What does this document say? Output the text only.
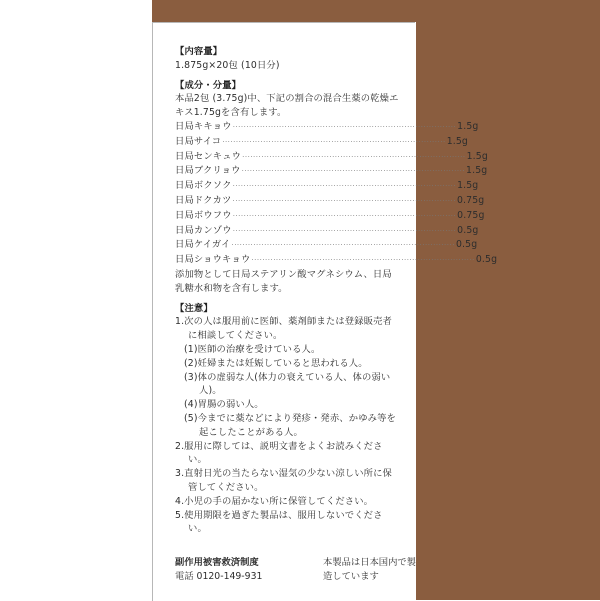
【内容量】
1.875g×20包 (10日分)
【成分・分量】
本品2包 (3.75g)中、下記の割合の混合生薬の乾燥エキス1.75gを含有します。
日局キキョウ ·················································································· 1.5g
日局サイコ ·················································································· 1.5g
日局センキュウ ·················································································· 1.5g
日局ブクリョウ ·················································································· 1.5g
日局ボクソク ·················································································· 1.5g
日局ドクカツ ·················································································· 0.75g
日局ボウフウ ·················································································· 0.75g
日局カンゾウ ·················································································· 0.5g
日局ケイガイ ·················································································· 0.5g
日局ショウキョウ ·················································································· 0.5g
添加物として日局ステアリン酸マグネシウム、日局乳糖水和物を含有します。
【注意】
1.次の人は服用前に医師、薬剤師または登録販売者に相談してください。
(1)医師の治療を受けている人。
(2)妊婦または妊娠していると思われる人。
(3)体の虚弱な人(体力の衰えている人、体の弱い人)。
(4)胃腸の弱い人。
(5)今までに薬などにより発疹・発赤、かゆみ等を起こしたことがある人。
2.服用に際しては、説明文書をよくお読みください。
3.直射日光の当たらない湿気の少ない涼しい所に保管してください。
4.小児の手の届かない所に保管してください。
5.使用期限を過ぎた製品は、服用しないでください。
副作用被害救済制度
電話 0120-149-931
本製品は日本国内で製造しています
